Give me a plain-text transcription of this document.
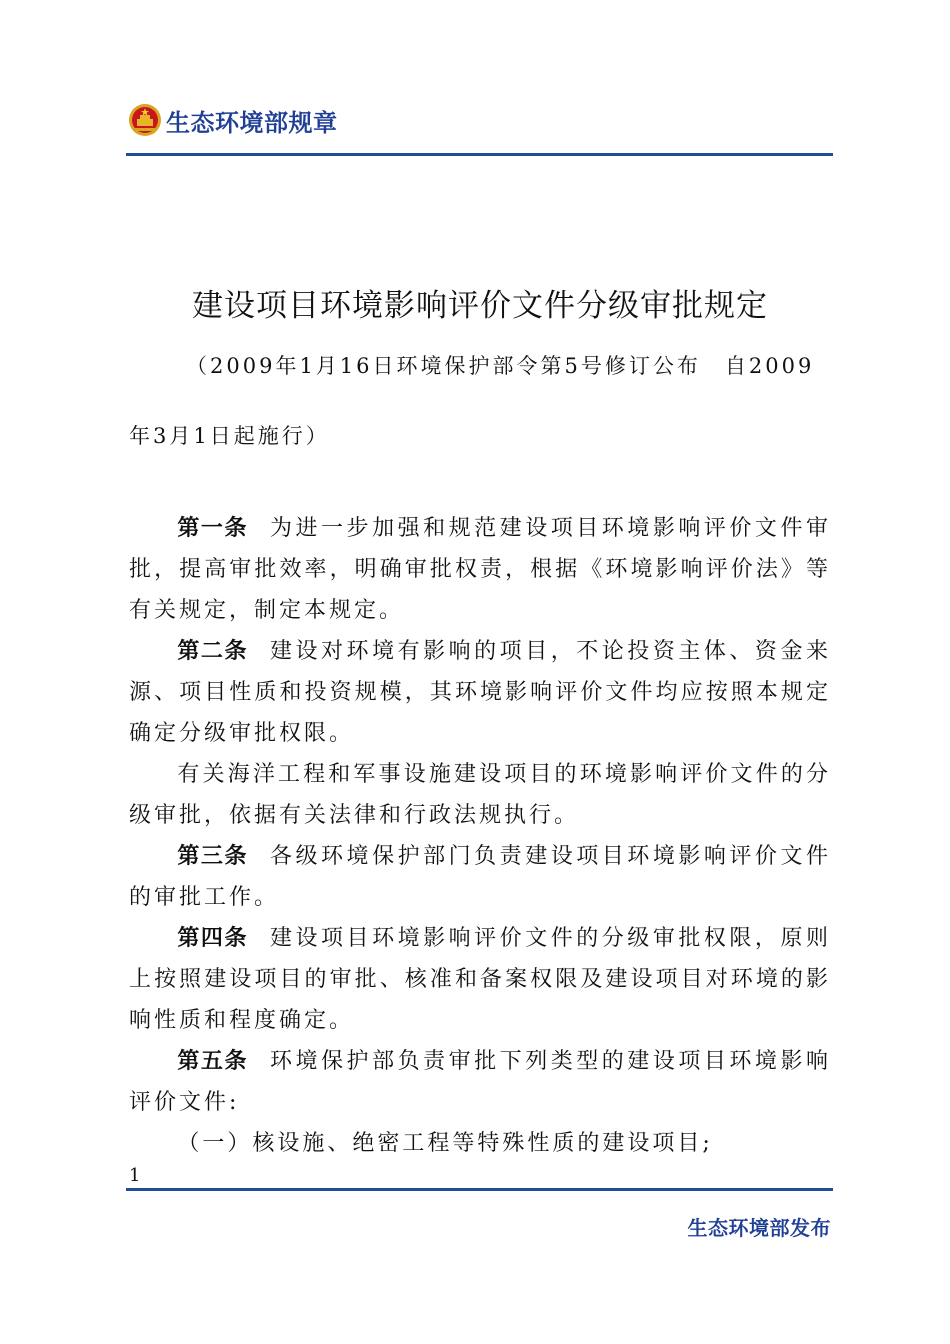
生态环境部规章
建设项目环境影响评价文件分级审批规定
（2009年1月16日环境保护部令第5号修订公布　自2009
年3月1日起施行）

第一条 为进一步加强和规范建设项目环境影响评价文件审批，提高审批效率，明确审批权责，根据《环境影响评价法》等有关规定，制定本规定。

第二条 建设对环境有影响的项目，不论投资主体、资金来源、项目性质和投资规模，其环境影响评价文件均应按照本规定确定分级审批权限。

有关海洋工程和军事设施建设项目的环境影响评价文件的分级审批，依据有关法律和行政法规执行。

第三条 各级环境保护部门负责建设项目环境影响评价文件的审批工作。

第四条 建设项目环境影响评价文件的分级审批权限，原则上按照建设项目的审批、核准和备案权限及建设项目对环境的影响性质和程度确定。

第五条 环境保护部负责审批下列类型的建设项目环境影响评价文件:

（一）核设施、绝密工程等特殊性质的建设项目;

1
生态环境部发布
